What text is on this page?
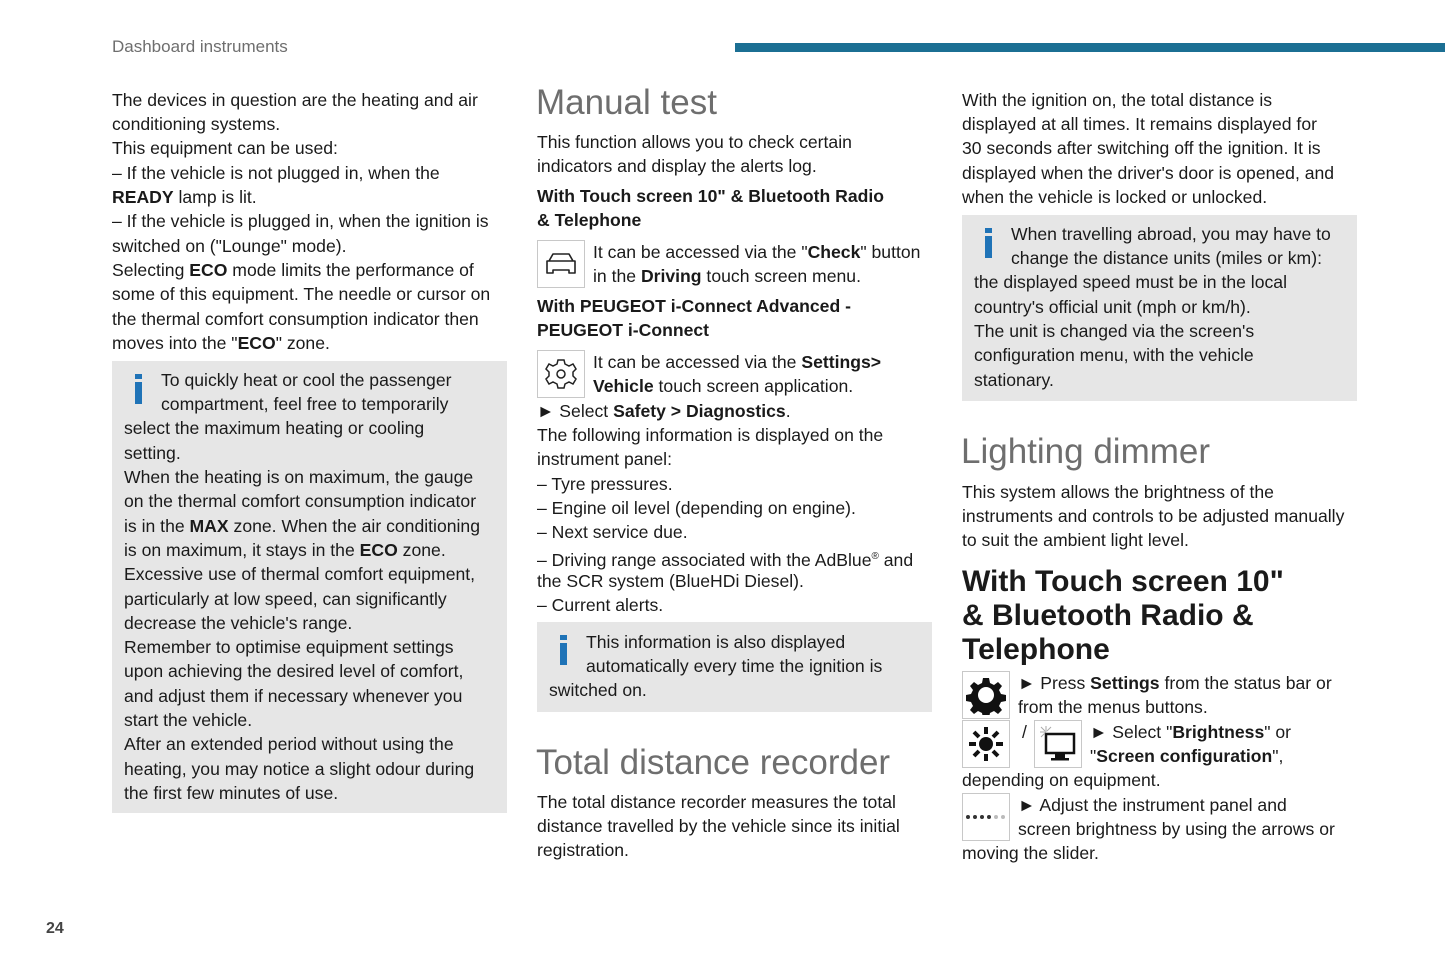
Dashboard instruments
24
Manual test
Total distance recorder
Lighting dimmer
/
The devices in question are the heating and air
conditioning systems.
This equipment can be used:
– If the vehicle is not plugged in, when the
READY lamp is lit.
– If the vehicle is plugged in, when the ignition is
switched on ("Lounge" mode).
Selecting ECO mode limits the performance of
some of this equipment. The needle or cursor on
the thermal comfort consumption indicator then
moves into the "ECO" zone.
To quickly heat or cool the passenger
compartment, feel free to temporarily
select the maximum heating or cooling
setting.
When the heating is on maximum, the gauge
on the thermal comfort consumption indicator
is in the MAX zone. When the air conditioning
is on maximum, it stays in the ECO zone.
Excessive use of thermal comfort equipment,
particularly at low speed, can significantly
decrease the vehicle's range.
Remember to optimise equipment settings
upon achieving the desired level of comfort,
and adjust them if necessary whenever you
start the vehicle.
After an extended period without using the
heating, you may notice a slight odour during
the first few minutes of use.
This function allows you to check certain
indicators and display the alerts log.
With Touch screen 10" & Bluetooth Radio
& Telephone
It can be accessed via the "Check" button
in the Driving touch screen menu.
With PEUGEOT i-Connect Advanced -
PEUGEOT i-Connect
It can be accessed via the Settings>
Vehicle touch screen application.
► Select Safety > Diagnostics.
The following information is displayed on the
instrument panel:
– Tyre pressures.
– Engine oil level (depending on engine).
– Next service due.
– Driving range associated with the AdBlue® and
the SCR system (BlueHDi Diesel).
– Current alerts.
This information is also displayed
automatically every time the ignition is
switched on.
The total distance recorder measures the total
distance travelled by the vehicle since its initial
registration.
With the ignition on, the total distance is
displayed at all times. It remains displayed for
30 seconds after switching off the ignition. It is
displayed when the driver's door is opened, and
when the vehicle is locked or unlocked.
When travelling abroad, you may have to
change the distance units (miles or km):
the displayed speed must be in the local
country's official unit (mph or km/h).
The unit is changed via the screen's
configuration menu, with the vehicle
stationary.
This system allows the brightness of the
instruments and controls to be adjusted manually
to suit the ambient light level.
With Touch screen 10"
& Bluetooth Radio &
Telephone
► Press Settings from the status bar or
from the menus buttons.
► Select "Brightness" or
"Screen configuration",
depending on equipment.
► Adjust the instrument panel and
screen brightness by using the arrows or
moving the slider.
